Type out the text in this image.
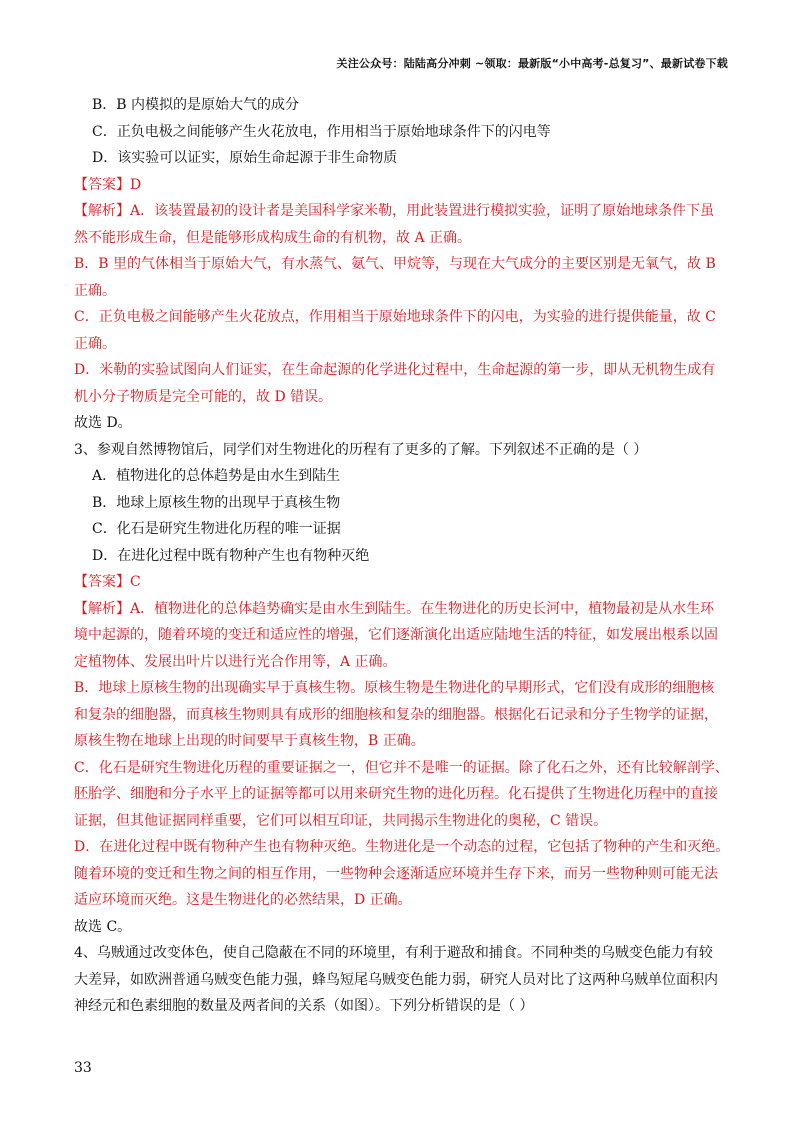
关注公众号：陆陆高分冲刺 ~领取：最新版“小中高考-总复习”、最新试卷下载
B．B 内模拟的是原始大气的成分
C．正负电极之间能够产生火花放电，作用相当于原始地球条件下的闪电等
D．该实验可以证实，原始生命起源于非生命物质
【答案】D
【解析】A．该装置最初的设计者是美国科学家米勒，用此装置进行模拟实验，证明了原始地球条件下虽
然不能形成生命，但是能够形成构成生命的有机物，故 A 正确。
B．B 里的气体相当于原始大气，有水蒸气、氨气、甲烷等，与现在大气成分的主要区别是无氧气，故 B
正确。
C．正负电极之间能够产生火花放点，作用相当于原始地球条件下的闪电，为实验的进行提供能量，故 C
正确。
D．米勒的实验试图向人们证实，在生命起源的化学进化过程中，生命起源的第一步，即从无机物生成有
机小分子物质是完全可能的，故 D 错误。
故选 D。
3、参观自然博物馆后，同学们对生物进化的历程有了更多的了解。下列叙述不正确的是（ ）
A．植物进化的总体趋势是由水生到陆生
B．地球上原核生物的出现早于真核生物
C．化石是研究生物进化历程的唯一证据
D．在进化过程中既有物种产生也有物种灭绝
【答案】C
【解析】A．植物进化的总体趋势确实是由水生到陆生。在生物进化的历史长河中，植物最初是从水生环
境中起源的，随着环境的变迁和适应性的增强，它们逐渐演化出适应陆地生活的特征，如发展出根系以固
定植物体、发展出叶片以进行光合作用等，A 正确。
B．地球上原核生物的出现确实早于真核生物。原核生物是生物进化的早期形式，它们没有成形的细胞核
和复杂的细胞器，而真核生物则具有成形的细胞核和复杂的细胞器。根据化石记录和分子生物学的证据，
原核生物在地球上出现的时间要早于真核生物，B 正确。
C．化石是研究生物进化历程的重要证据之一，但它并不是唯一的证据。除了化石之外，还有比较解剖学、
胚胎学、细胞和分子水平上的证据等都可以用来研究生物的进化历程。化石提供了生物进化历程中的直接
证据，但其他证据同样重要，它们可以相互印证，共同揭示生物进化的奥秘，C 错误。
D．在进化过程中既有物种产生也有物种灭绝。生物进化是一个动态的过程，它包括了物种的产生和灭绝。
随着环境的变迁和生物之间的相互作用，一些物种会逐渐适应环境并生存下来，而另一些物种则可能无法
适应环境而灭绝。这是生物进化的必然结果，D 正确。
故选 C。
4、乌贼通过改变体色，使自己隐蔽在不同的环境里，有利于避敌和捕食。不同种类的乌贼变色能力有较
大差异，如欧洲普通乌贼变色能力强，蜂鸟短尾乌贼变色能力弱，研究人员对比了这两种乌贼单位面积内
神经元和色素细胞的数量及两者间的关系（如图）。下列分析错误的是（ ）
33
